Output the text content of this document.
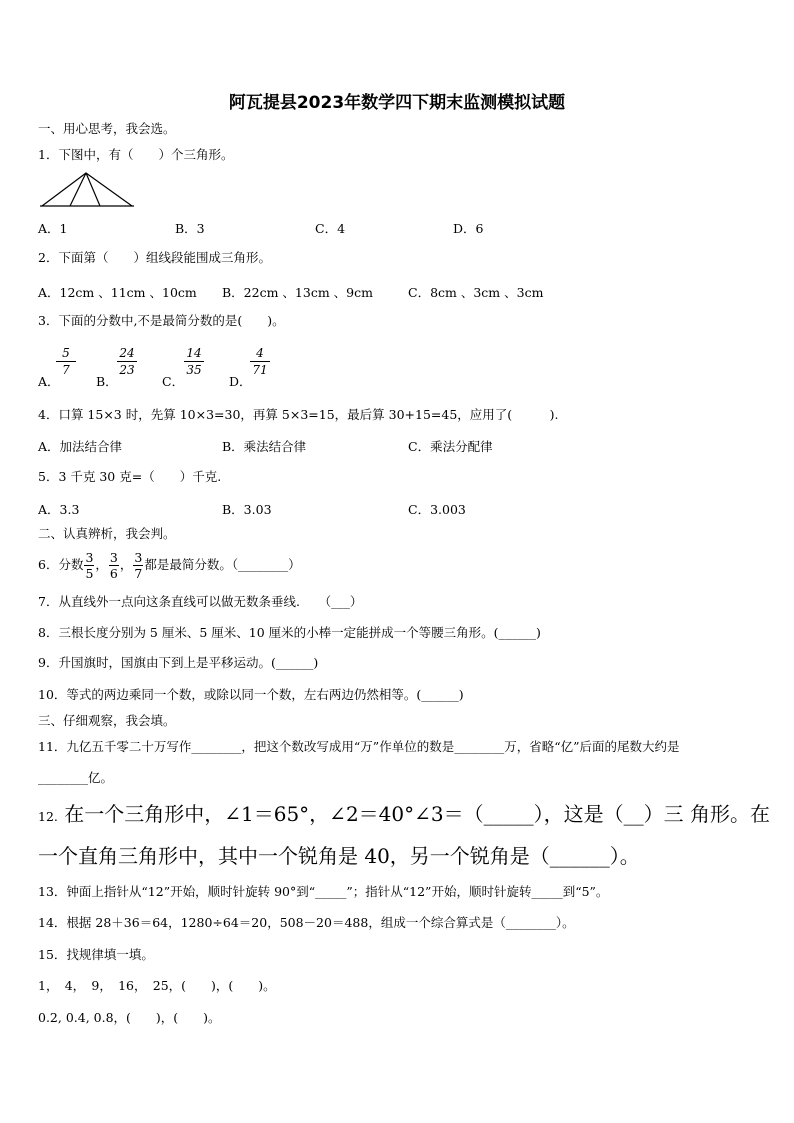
阿瓦提县2023年数学四下期末监测模拟试题
一、用心思考，我会选。
1．下图中，有（　　）个三角形。
A．1	B．3	C．4	D．6
2．下面第（　　）组线段能围成三角形。
A．12cm 、11cm 、10cm B．22cm 、13cm 、9cm	C．8cm 、3cm 、3cm
3．下面的分数中,不是最简分数的是(　　)。
A．
$\frac{5}{7}$
B．
$\frac{24}{23}$
C．
$\frac{14}{35}$
D．
$\frac{4}{71}$
4．口算 15×3 时，先算 10×3=30，再算 5×3=15，最后算 30+15=45，应用了(　　　).
A．加法结合律	B．乘法结合律	C．乘法分配律
5．3 千克 30 克=（　　）千克.
A．3.3	B．3.03	C．3.003
二、认真辨析，我会判。
6．分数 $\frac{3}{5}$ ， $\frac{3}{6}$ ， $\frac{3}{7}$ 都是最简分数。（________）
7．从直线外一点向这条直线可以做无数条垂线.　　（___）
8．三根长度分别为 5 厘米、5 厘米、10 厘米的小棒一定能拼成一个等腰三角形。(______)
9．升国旗时，国旗由下到上是平移运动。(______)
10．等式的两边乘同一个数，或除以同一个数，左右两边仍然相等。(______)
三、仔细观察，我会填。
11．九亿五千零二十万写作________，把这个数改写成用“万”作单位的数是________万，省略“亿”后面的尾数大约是
________亿。
12. 在一个三角形中，∠1＝65°，∠2＝40°∠3＝（_____），这是（__）三 角形。在
一个直角三角形中，其中一个锐角是 40，另一个锐角是（______）。
13．钟面上指针从“12”开始，顺时针旋转 90°到“_____”；指针从“12”开始，顺时针旋转_____到“5”。
14．根据 28＋36＝64，1280÷64＝20，508－20＝488，组成一个综合算式是（________）。
15．找规律填一填。
1，　4，　9，　16，　25，(　　)，(　　)。
0.2, 0.4, 0.8，(　　)，(　　)。
